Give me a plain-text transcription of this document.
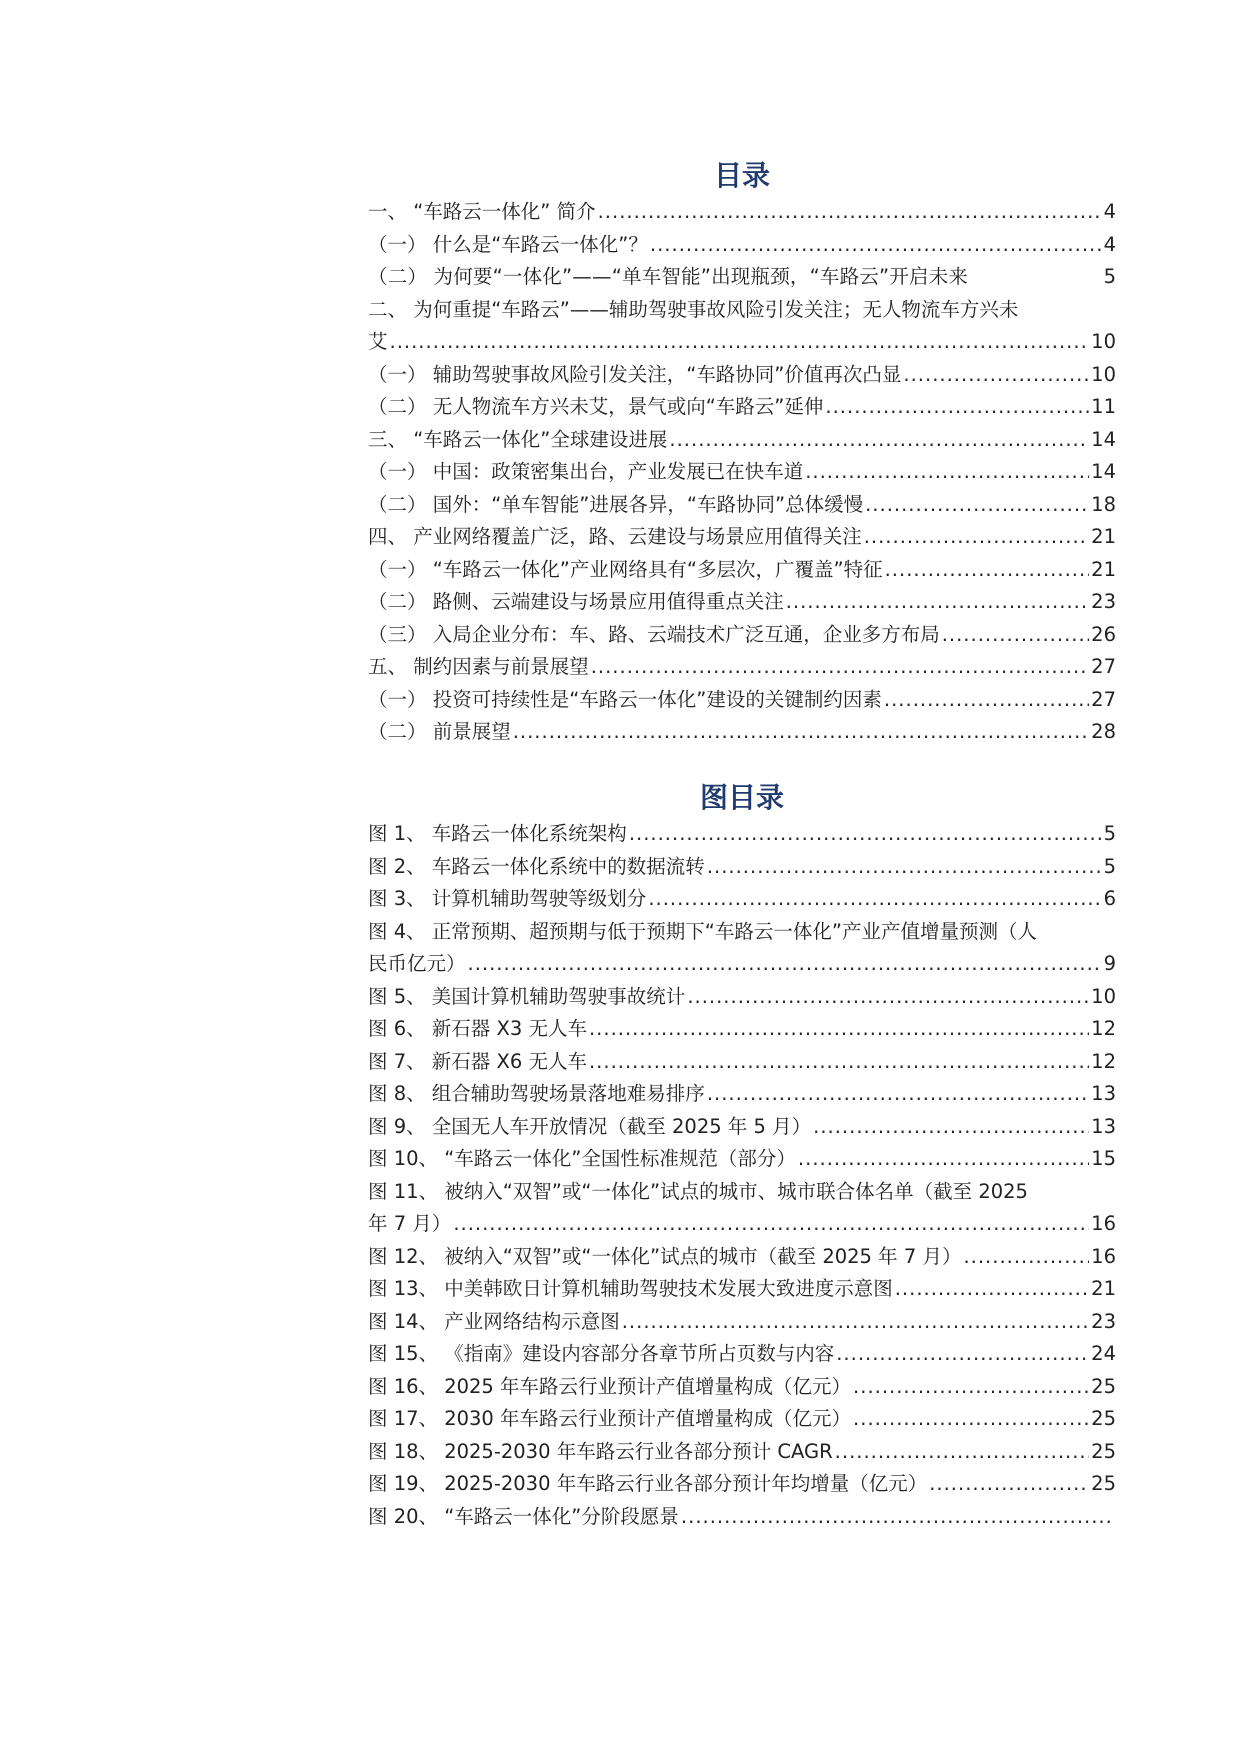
目录
一、 “车路云一体化” 简介 .....	4
（一） 什么是“车路云一体化”？ .....	4
（二） 为何要“一体化”——“单车智能”出现瓶颈，“车路云”开启未来	5
二、 为何重提“车路云”——辅助驾驶事故风险引发关注；无人物流车方兴未
艾 .....	10
（一） 辅助驾驶事故风险引发关注，“车路协同”价值再次凸显 .....	10
（二） 无人物流车方兴未艾，景气或向“车路云”延伸 .....	11
三、 “车路云一体化”全球建设进展 .....	14
（一） 中国：政策密集出台，产业发展已在快车道 .....	14
（二） 国外：“单车智能”进展各异，“车路协同”总体缓慢 .....	18
四、 产业网络覆盖广泛，路、云建设与场景应用值得关注 .....	21
（一） “车路云一体化”产业网络具有“多层次，广覆盖”特征 .....	21
（二） 路侧、云端建设与场景应用值得重点关注 .....	23
（三） 入局企业分布：车、路、云端技术广泛互通，企业多方布局 .....	26
五、 制约因素与前景展望 .....	27
（一） 投资可持续性是“车路云一体化”建设的关键制约因素 .....	27
（二） 前景展望 .....	28
图目录
图 1、 车路云一体化系统架构 .....	5
图 2、 车路云一体化系统中的数据流转 .....	5
图 3、 计算机辅助驾驶等级划分 .....	6
图 4、 正常预期、超预期与低于预期下“车路云一体化”产业产值增量预测（人
民币亿元） .....	9
图 5、 美国计算机辅助驾驶事故统计 .....	10
图 6、 新石器 X3 无人车 .....	12
图 7、 新石器 X6 无人车 .....	12
图 8、 组合辅助驾驶场景落地难易排序 .....	13
图 9、 全国无人车开放情况（截至 2025 年 5 月） .....	13
图 10、 “车路云一体化”全国性标准规范（部分） .....	15
图 11、 被纳入“双智”或“一体化”试点的城市、城市联合体名单（截至 2025
年 7 月） .....	16
图 12、 被纳入“双智”或“一体化”试点的城市（截至 2025 年 7 月） .....	16
图 13、 中美韩欧日计算机辅助驾驶技术发展大致进度示意图 .....	21
图 14、 产业网络结构示意图 .....	23
图 15、 《指南》建设内容部分各章节所占页数与内容 .....	24
图 16、 2025 年车路云行业预计产值增量构成（亿元） .....	25
图 17、 2030 年车路云行业预计产值增量构成（亿元） .....	25
图 18、 2025-2030 年车路云行业各部分预计 CAGR .....	25
图 19、 2025-2030 年车路云行业各部分预计年均增量（亿元） .....	25
图 20、 “车路云一体化”分阶段愿景
.....
